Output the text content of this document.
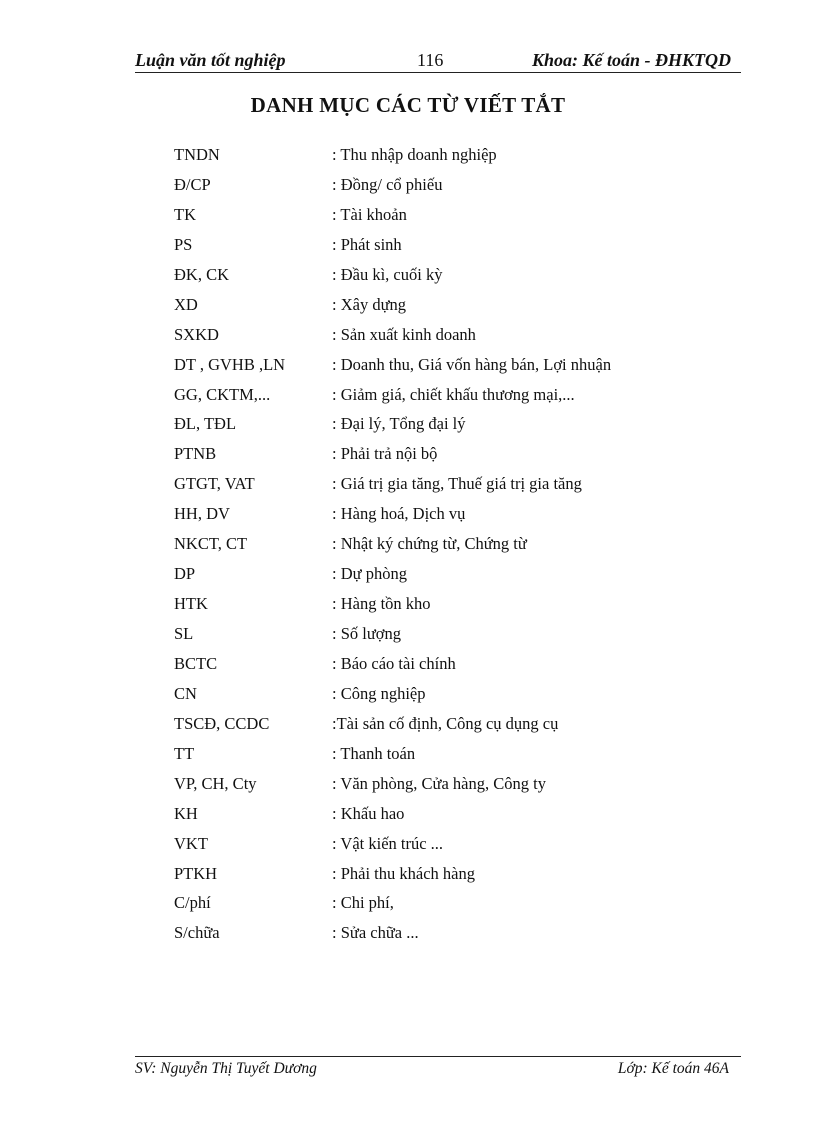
Luận văn tốt nghiệp	116	Khoa: Kế toán - ĐHKTQD
DANH MỤC CÁC TỪ VIẾT TẮT
TNDN	: Thu nhập doanh nghiệp
Đ/CP	: Đồng/ cổ phiếu
TK	: Tài khoản
PS	: Phát sinh
ĐK, CK	: Đầu kì, cuối kỳ
XD	: Xây dựng
SXKD	: Sản xuất kinh doanh
DT , GVHB ,LN	: Doanh thu, Giá vốn hàng bán, Lợi nhuận
GG, CKTM,...	: Giảm giá, chiết khấu thương mại,...
ĐL, TĐL	: Đại lý, Tổng đại lý
PTNB	: Phải trả nội bộ
GTGT, VAT	: Giá trị gia tăng, Thuế giá trị gia tăng
HH, DV	: Hàng hoá, Dịch vụ
NKCT, CT	: Nhật ký chứng từ, Chứng từ
DP	: Dự phòng
HTK	: Hàng tồn kho
SL	: Số lượng
BCTC	: Báo cáo tài chính
CN	: Công nghiệp
TSCĐ, CCDC	:Tài sản cố định, Công cụ dụng cụ
TT	: Thanh toán
VP, CH, Cty	: Văn phòng, Cửa hàng, Công ty
KH	: Khấu hao
VKT	: Vật kiến trúc ...
PTKH	: Phải thu khách hàng
C/phí	: Chi phí,
S/chữa	: Sửa chữa ...
SV: Nguyễn Thị Tuyết Dương	Lớp: Kế toán 46A
